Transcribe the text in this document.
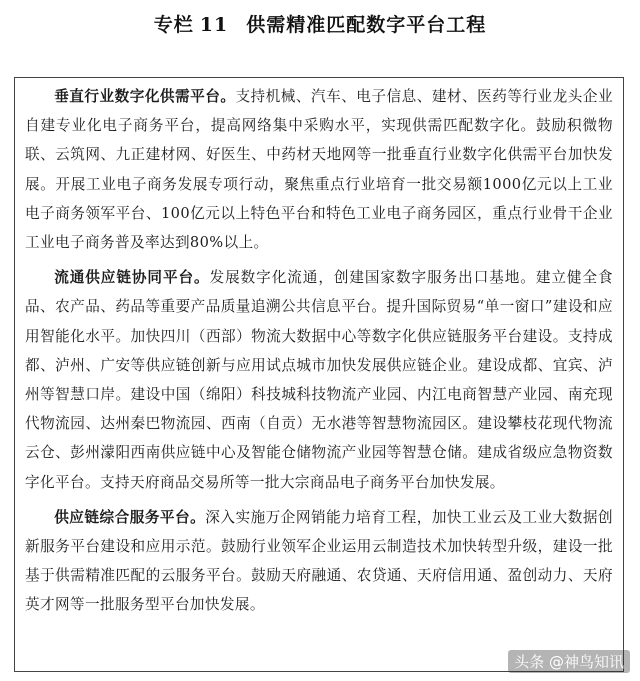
专栏 11 供需精准匹配数字平台工程

垂直行业数字化供需平台。支持机械、汽车、电子信息、建材、医药等行业龙头企业自建专业化电子商务平台，提高网络集中采购水平，实现供需匹配数字化。鼓励积微物联、云筑网、九正建材网、好医生、中药材天地网等一批垂直行业数字化供需平台加快发展。开展工业电子商务发展专项行动，聚焦重点行业培育一批交易额1000亿元以上工业电子商务领军平台、100亿元以上特色平台和特色工业电子商务园区，重点行业骨干企业工业电子商务普及率达到80%以上。

流通供应链协同平台。发展数字化流通，创建国家数字服务出口基地。建立健全食品、农产品、药品等重要产品质量追溯公共信息平台。提升国际贸易“单一窗口”建设和应用智能化水平。加快四川（西部）物流大数据中心等数字化供应链服务平台建设。支持成都、泸州、广安等供应链创新与应用试点城市加快发展供应链企业。建设成都、宜宾、泸州等智慧口岸。建设中国（绵阳）科技城科技物流产业园、内江电商智慧产业园、南充现代物流园、达州秦巴物流园、西南（自贡）无水港等智慧物流园区。建设攀枝花现代物流云仓、彭州濛阳西南供应链中心及智能仓储物流产业园等智慧仓储。建成省级应急物资数字化平台。支持天府商品交易所等一批大宗商品电子商务平台加快发展。

供应链综合服务平台。深入实施万企网销能力培育工程，加快工业云及工业大数据创新服务平台建设和应用示范。鼓励行业领军企业运用云制造技术加快转型升级，建设一批基于供需精准匹配的云服务平台。鼓励天府融通、农贷通、天府信用通、盈创动力、天府英才网等一批服务型平台加快发展。

头条 @神鸟知讯
